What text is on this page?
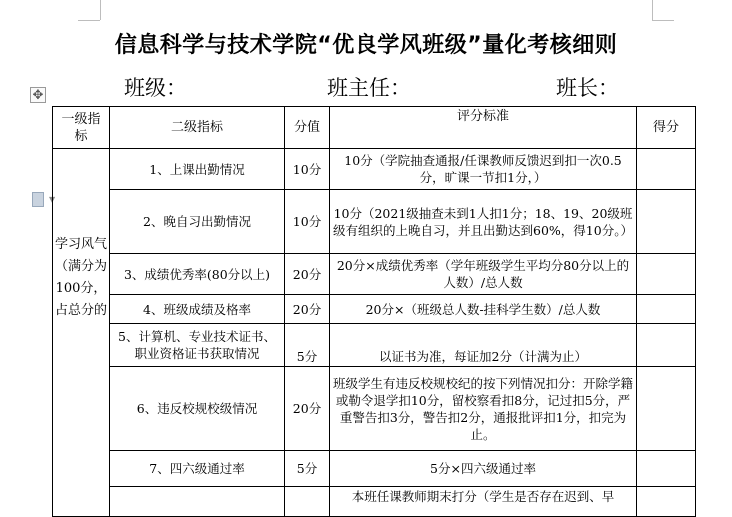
信息科学与技术学院“优良学风班级”量化考核细则
班级：	班主任：	班长：
✥
▼
一级指标	二级指标	分值	评分标准	得分
学习风气（满分为100分，占总分的	1、上课出勤情况	10分	10分（学院抽查通报/任课教师反馈迟到扣一次0.5分，旷课一节扣1分，）	
	2、晚自习出勤情况	10分	10分（2021级抽查未到1人扣1分；18、19、20级班级有组织的上晚自习，并且出勤达到60%，得10分。）	
	3、成绩优秀率(80分以上)	20分	20分×成绩优秀率（学年班级学生平均分80分以上的人数）/总人数	
	4、班级成绩及格率	20分	20分×（班级总人数-挂科学生数）/总人数	
	5、计算机、专业技术证书、职业资格证书获取情况	5分	以证书为准，每证加2分（计满为止）	
	6、违反校规校级情况	20分	班级学生有违反校规校纪的按下列情况扣分：开除学籍或勒令退学扣10分，留校察看扣8分，记过扣5分，严重警告扣3分，警告扣2分，通报批评扣1分，扣完为止。	
	7、四六级通过率	5分	5分×四六级通过率	
			本班任课教师期末打分（学生是否存在迟到、早	
